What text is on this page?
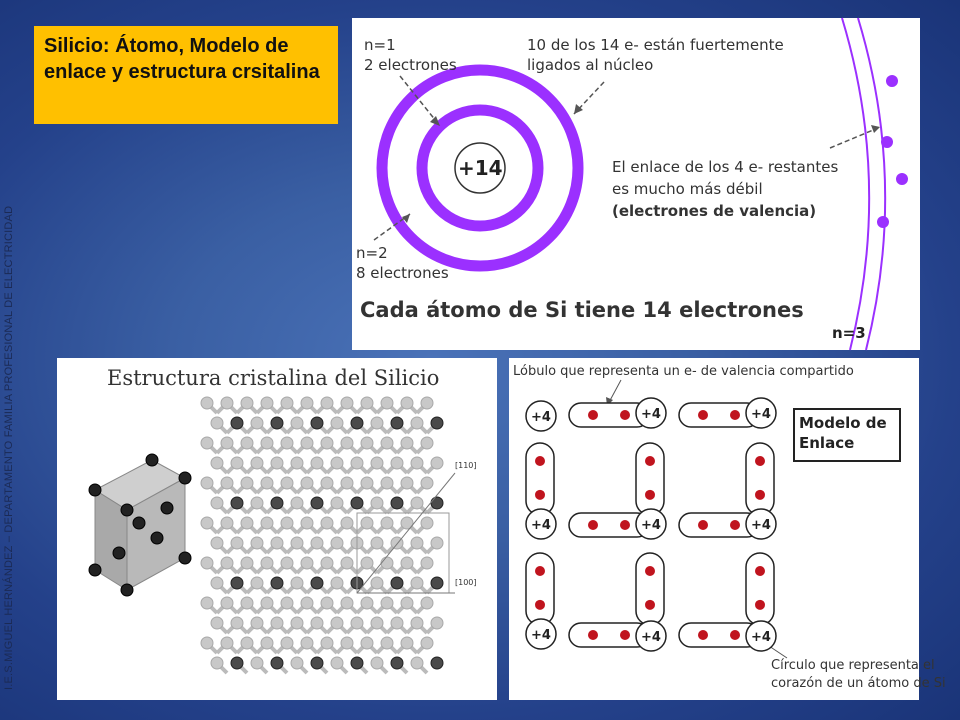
I.E.S.MIGUEL HERNÁNDEZ – DEPARTAMENTO FAMILIA PROFESIONAL DE ELECTRICIDAD
Silicio: Átomo, Modelo de enlace y estructura crsitalina
n=1
2 electrones
10 de los 14 e- están fuertemente
ligados al núcleo
+14	El enlace de los 4 e- restantes
es mucho más débil
(electrones de valencia)
n=2
8 electrones
Cada átomo de Si tiene 14 electrones
n=3
Estructura cristalina del Silicio
[110]
[100]
Lóbulo que representa un e- de valencia compartido
+4	+4	+4
+4	+4	+4
+4	+4	+4
Modelo de
Enlace
Círculo que representa el
corazón de un átomo de Si
